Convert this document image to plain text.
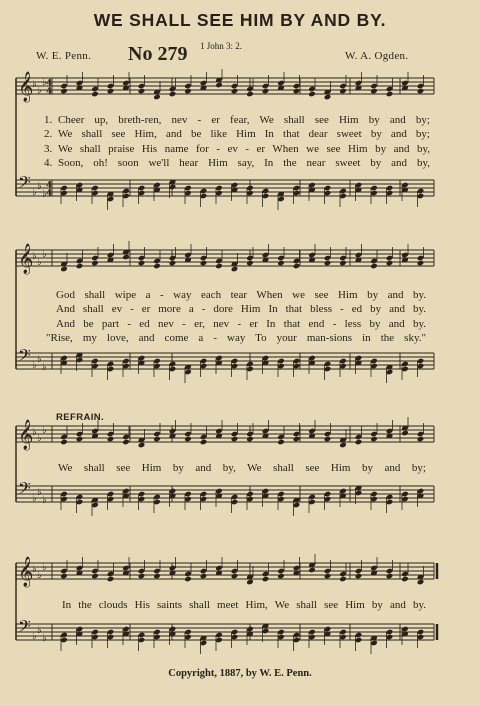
WE SHALL SEE HIM BY AND BY.
W. E. Penn. No 279 1 John 3: 2.
W. A. Ogden.
𝄞
♭
♭
♭ 4
4
𝄢 ♭
♭
♭
4
4
𝄞
♭
♭
♭
𝄢 ♭
♭
♭
𝄞
♭
♭
♭
𝄢 ♭
♭
♭
𝄞
♭
♭
♭
𝄢 ♭
♭
♭
1. Cheer up, breth-ren, nev - er fear, We shall see Him by and by;
2. We shall see Him, and be like Him In that dear sweet by and by;
3. We shall praise His name for - ev - er When we see Him by and by,
4. Soon, oh! soon we'll hear Him say, In the near sweet by and by,
God shall wipe a - way each tear When we see Him by and by.
And shall ev - er more a - dore Him In that bless - ed by and by.
And be part - ed nev - er, nev - er In that end - less by and by.
"Rise, my love, and come a - way To your man-sions in the sky."
REFRAIN.
We shall see Him by and by, We shall see Him by and by;
In the clouds His saints shall meet Him, We shall see Him by and by.
Copyright, 1887, by W. E. Penn.
